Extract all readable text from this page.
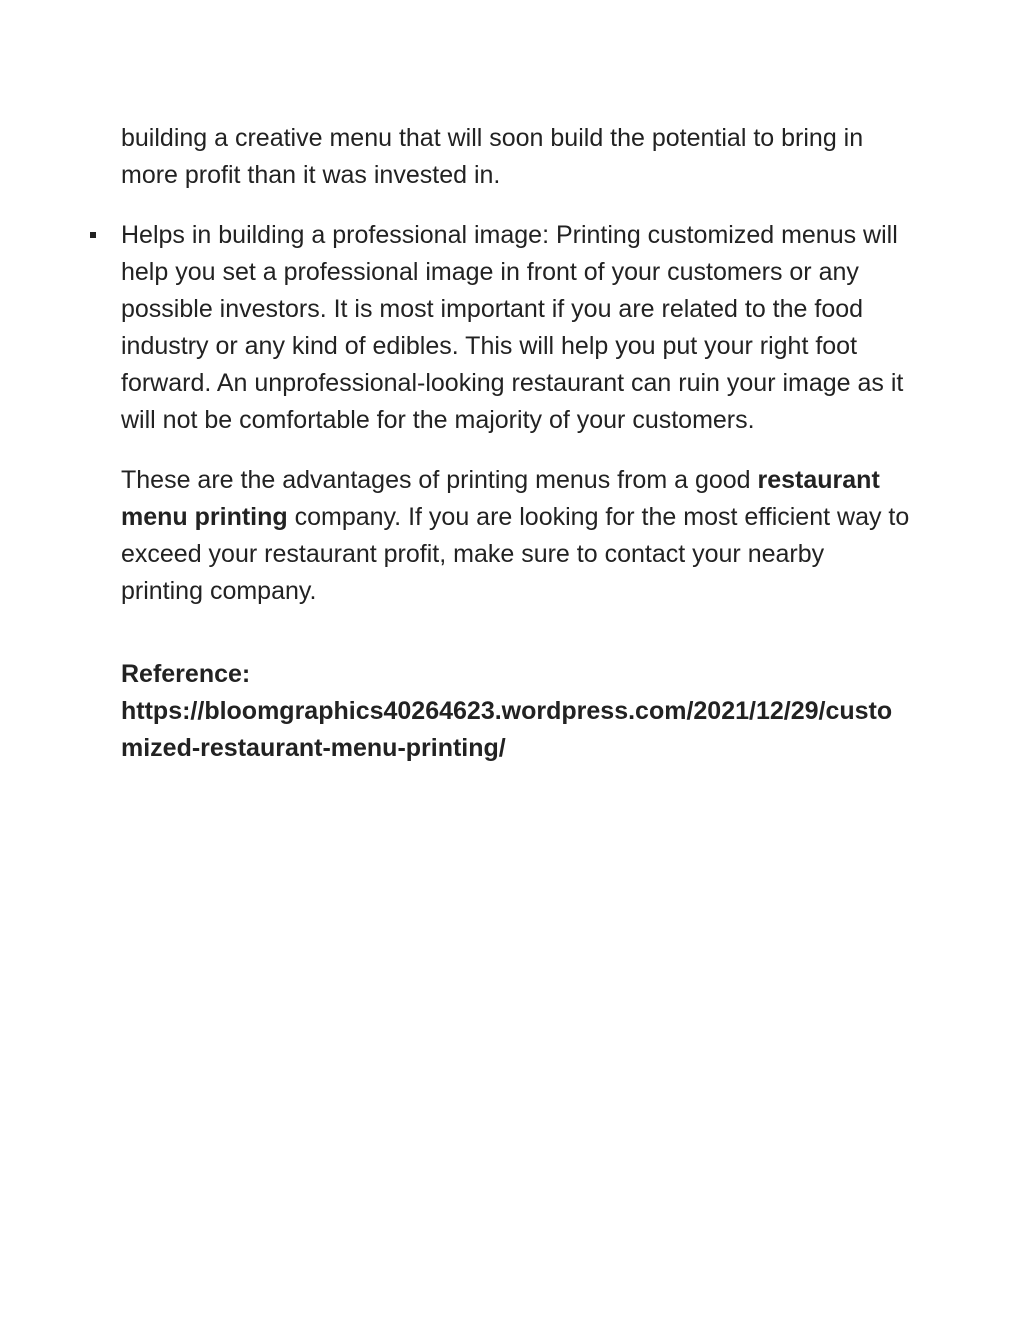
building a creative menu that will soon build the potential to bring in more profit than it was invested in.

Helps in building a professional image: Printing customized menus will help you set a professional image in front of your customers or any possible investors. It is most important if you are related to the food industry or any kind of edibles. This will help you put your right foot forward. An unprofessional-looking restaurant can ruin your image as it will not be comfortable for the majority of your customers.

These are the advantages of printing menus from a good restaurant menu printing company. If you are looking for the most efficient way to exceed your restaurant profit, make sure to contact your nearby printing company.

Reference:
https://bloomgraphics40264623.wordpress.com/2021/12/29/customized-restaurant-menu-printing/
